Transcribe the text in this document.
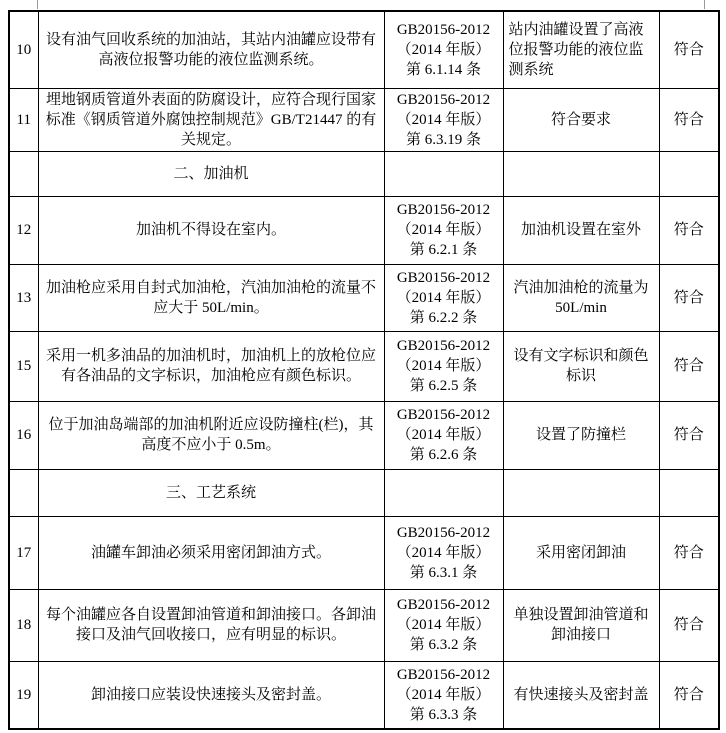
10	设有油气回收系统的加油站，其站内油罐应设带有高液位报警功能的液位监测系统。	GB20156-2012
（2014 年版）
第 6.1.14 条	站内油罐设置了高液位报警功能的液位监测系统	符合
11	埋地钢质管道外表面的防腐设计，应符合现行国家标准《钢质管道外腐蚀控制规范》GB/T21447 的有关规定。	GB20156-2012
（2014 年版）
第 6.3.19 条	符合要求	符合
	二、加油机	

12	加油机不得设在室内。	GB20156-2012
（2014 年版）
第 6.2.1 条	加油机设置在室外	符合
13	加油枪应采用自封式加油枪，汽油加油枪的流量不应大于 50L/min。	GB20156-2012
（2014 年版）
第 6.2.2 条	汽油加油枪的流量为 50L/min	符合
15	采用一机多油品的加油机时，加油机上的放枪位应有各油品的文字标识，加油枪应有颜色标识。	GB20156-2012
（2014 年版）
第 6.2.5 条	设有文字标识和颜色标识	符合
16	位于加油岛端部的加油机附近应设防撞柱(栏)，其高度不应小于 0.5m。	GB20156-2012
（2014 年版）
第 6.2.6 条	设置了防撞栏	符合
	三、工艺系统	

17	油罐车卸油必须采用密闭卸油方式。	GB20156-2012
（2014 年版）
第 6.3.1 条	采用密闭卸油	符合
18	每个油罐应各自设置卸油管道和卸油接口。各卸油接口及油气回收接口，应有明显的标识。	GB20156-2012
（2014 年版）
第 6.3.2 条	单独设置卸油管道和卸油接口	符合
19	卸油接口应装设快速接头及密封盖。	GB20156-2012
（2014 年版）
第 6.3.3 条	有快速接头及密封盖	符合
